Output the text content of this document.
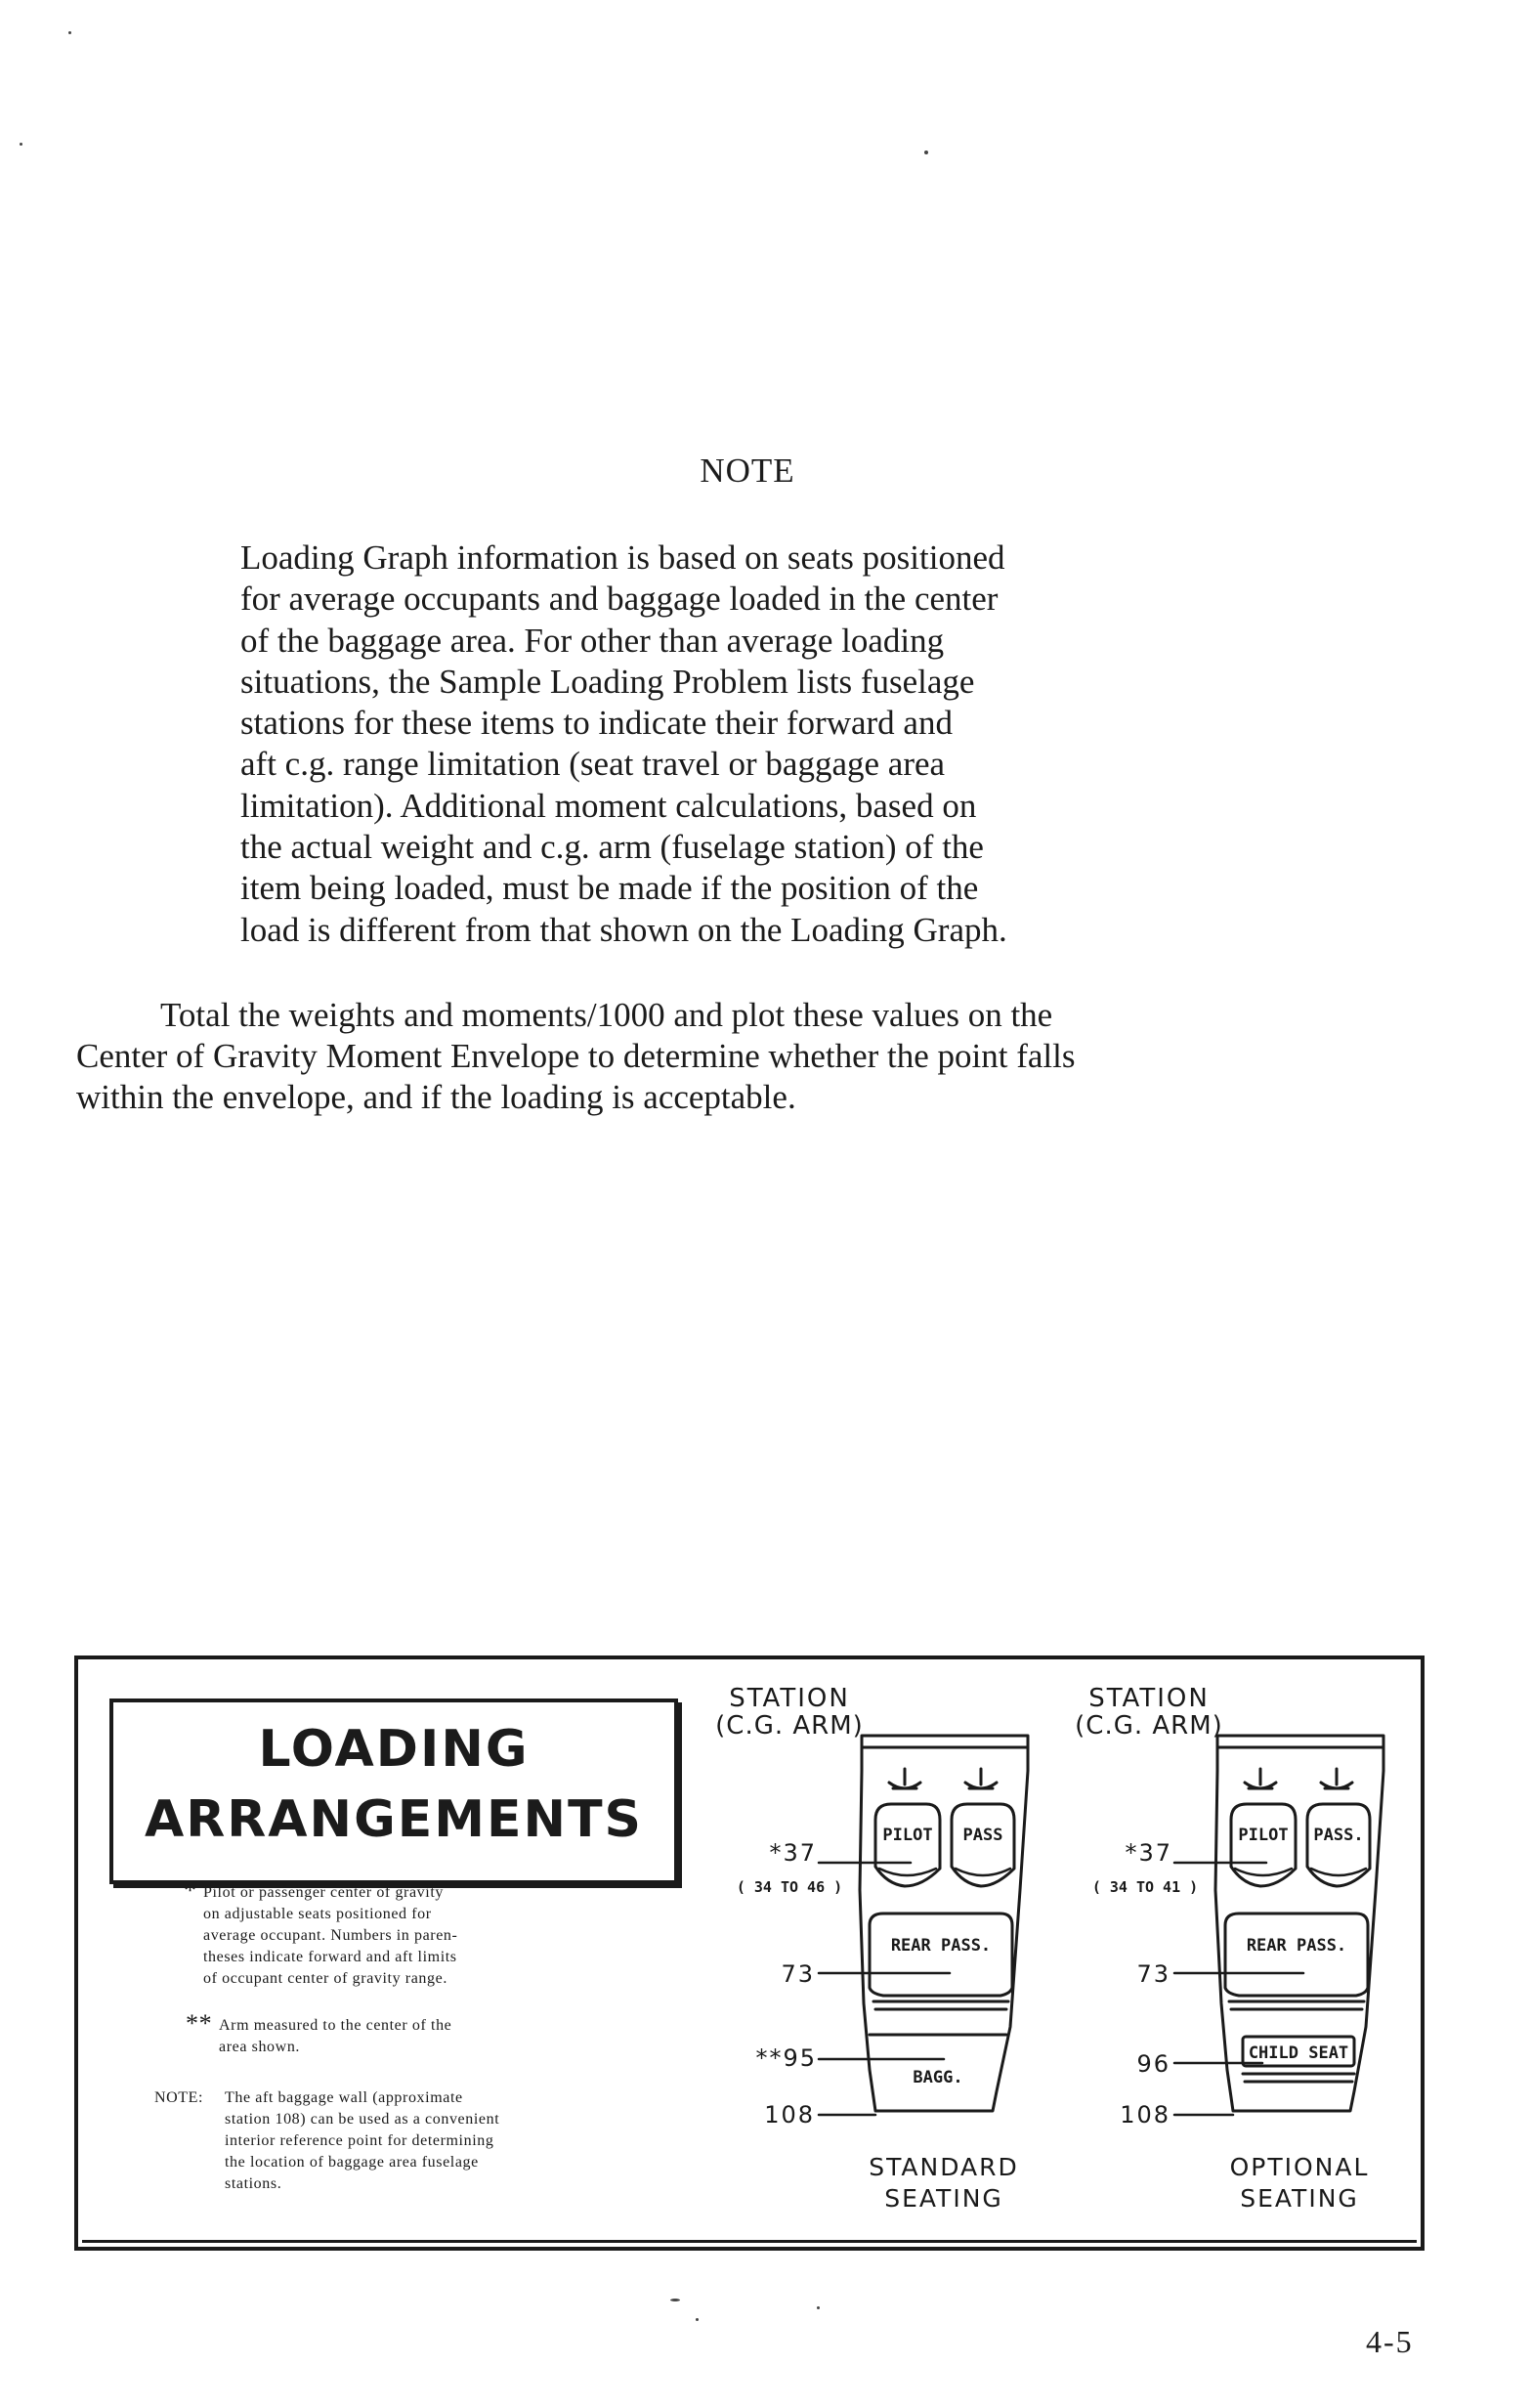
NOTE

Loading Graph information is based on seats positioned
for average occupants and baggage loaded in the center
of the baggage area. For other than average loading
situations, the Sample Loading Problem lists fuselage
stations for these items to indicate their forward and
aft c.g. range limitation (seat travel or baggage area
limitation). Additional moment calculations, based on
the actual weight and c.g. arm (fuselage station) of the
item being loaded, must be made if the position of the
load is different from that shown on the Loading Graph.

Total the weights and moments/1000 and plot these values on the
Center of Gravity Moment Envelope to determine whether the point falls
within the envelope, and if the loading is acceptable.

LOADING
ARRANGEMENTS
* Pilot or passenger center of gravity
on adjustable seats positioned for
average occupant. Numbers in paren-
theses indicate forward and aft limits
of occupant center of gravity range.
** Arm measured to the center of the
area shown.
NOTE: The aft baggage wall (approximate
station 108) can be used as a convenient
interior reference point for determining
the location of baggage area fuselage
stations.
STATION
(C.G. ARM)
PILOT PASS
REAR PASS.
BAGG.
*37
( 34 TO 46 )
73
**95
108
STANDARD
SEATING
STATION
(C.G. ARM)
PILOT PASS.
REAR PASS.
CHILD SEAT
*37
( 34 TO 41 )
73
96
108
OPTIONAL
SEATING
4-5
